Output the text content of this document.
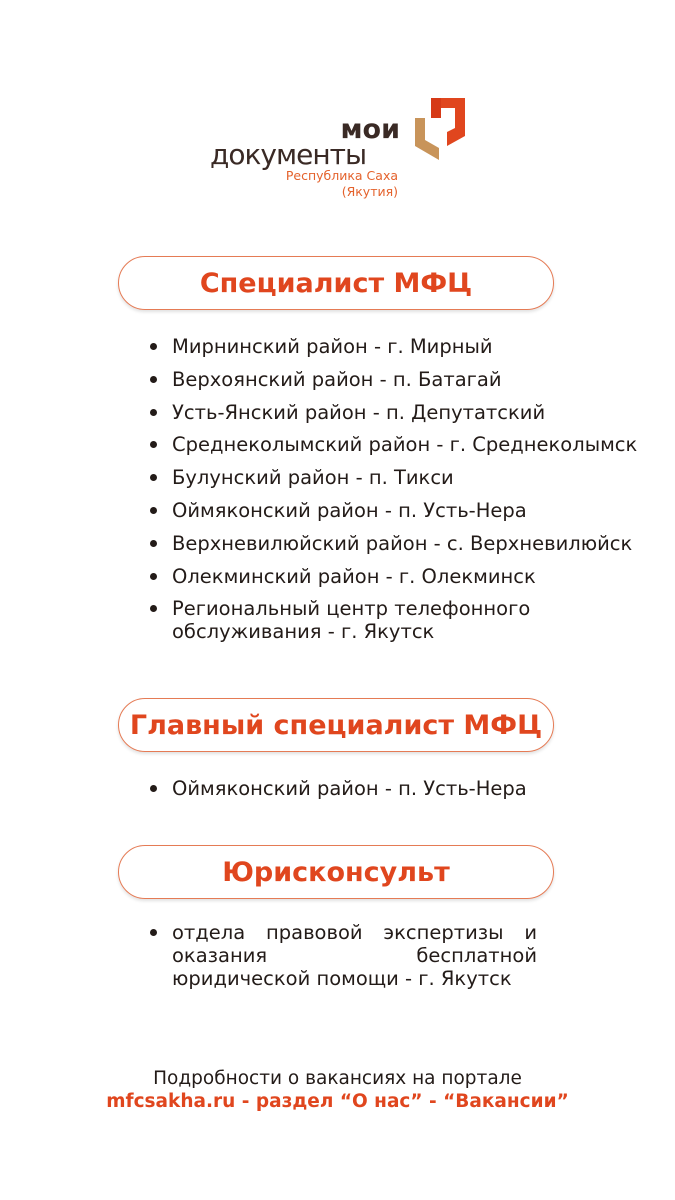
мои
документы
Республика Саха
(Якутия)
Специалист МФЦ
Мирнинский район - г. Мирный
Верхоянский район - п. Батагай
Усть-Янский район - п. Депутатский
Среднеколымский район - г. Среднеколымск
Булунский район - п. Тикси
Оймяконский район - п. Усть-Нера
Верхневилюйский район - с. Верхневилюйск
Олекминский район - г. Олекминск
Региональный центр телефонного обслуживания - г. Якутск
Главный специалист МФЦ
Оймяконский район - п. Усть-Нера
Юрисконсульт
отдела правовой экспертизы и оказания бесплатной юридической помощи - г. Якутск
Подробности о вакансиях на портале
mfcsakha.ru - раздел “О нас” - “Вакансии”
